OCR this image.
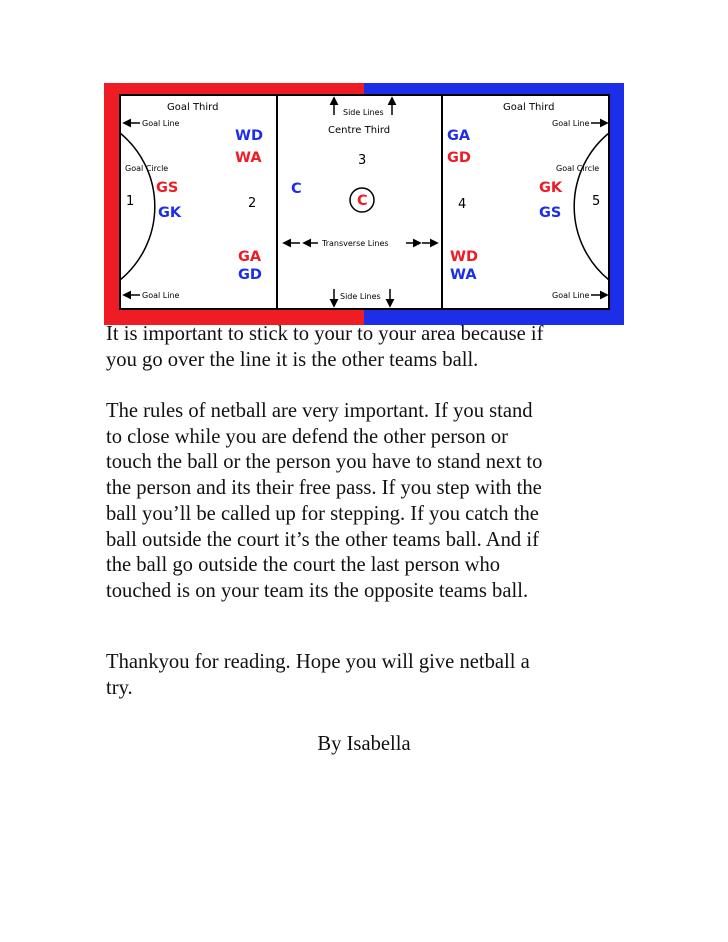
Goal Third	Goal Third
Goal Line	Goal Line
Goal Line	Goal Line
Goal Circle	Goal Circle
Side Lines
Side Lines
Centre Third
Transverse Lines
1	2
3
4	5
GS
GK
WD
WA
GA
GD
C
C
GA
GD
WD
WA
GK
GS

It is important to stick to your to your area because if
you go over the line it is the other teams ball.

The rules of netball are very important. If you stand
to close while you are defend the other person or
touch the ball or the person you have to stand next to
the person and its their free pass. If you step with the
ball you’ll be called up for stepping. If you catch the
ball outside the court it’s the other teams ball. And if
the ball go outside the court the last person who
touched is on your team its the opposite teams ball.

Thankyou for reading. Hope you will give netball a
try.

By Isabella
